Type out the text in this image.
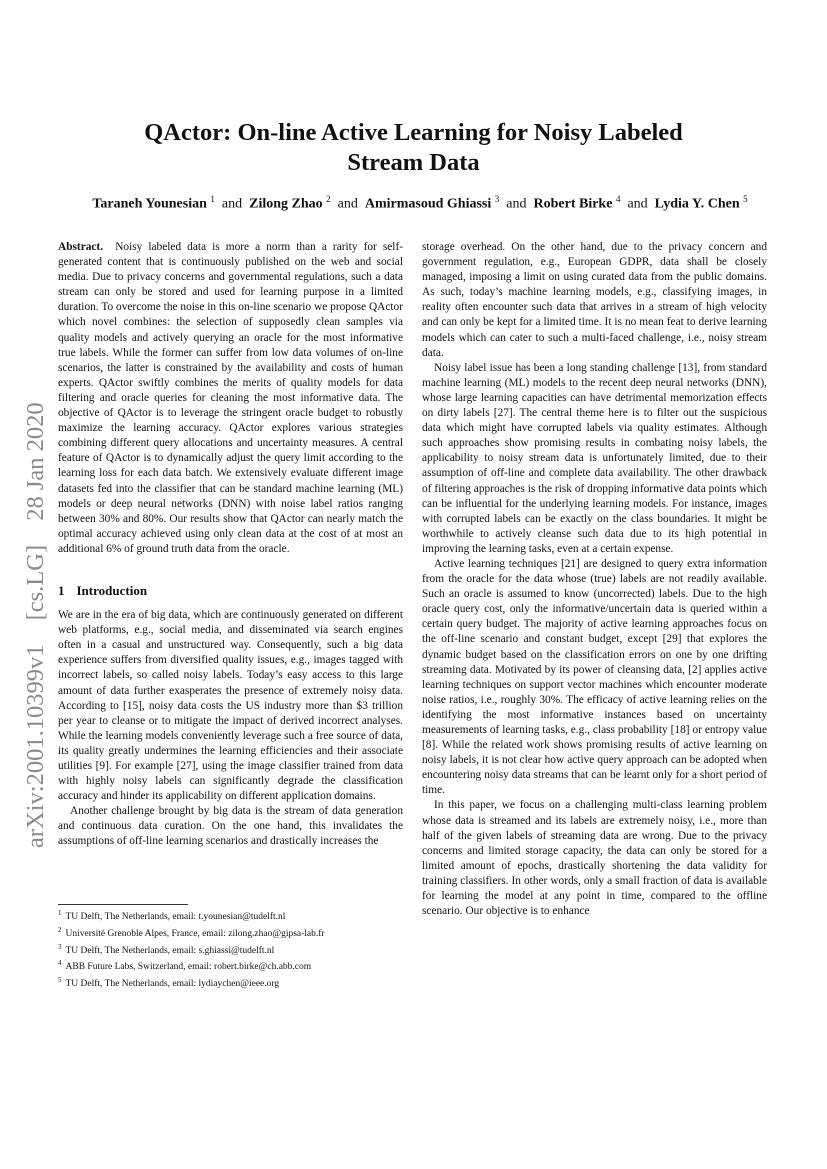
QActor: On-line Active Learning for Noisy Labeled
Stream Data
Taraneh Younesian $^1$ and Zilong Zhao $^2$ and Amirmasoud Ghiassi $^3$ and Robert Birke $^4$ and Lydia Y. Chen $^5$
arXiv:2001.10399v1 [cs.LG] 28 Jan 2020

Abstract. Noisy labeled data is more a norm than a rarity for self-generated content that is continuously published on the web and social media. Due to privacy concerns and governmental regulations, such a data stream can only be stored and used for learning purpose in a limited duration. To overcome the noise in this on-line scenario we propose QActor which novel combines: the selection of supposedly clean samples via quality models and actively querying an oracle for the most informative true labels. While the former can suffer from low data volumes of on-line scenarios, the latter is constrained by the availability and costs of human experts. QActor swiftly combines the merits of quality models for data filtering and oracle queries for cleaning the most informative data. The objective of QActor is to leverage the stringent oracle budget to robustly maximize the learning accuracy. QActor explores various strategies combining different query allocations and uncertainty measures. A central feature of QActor is to dynamically adjust the query limit according to the learning loss for each data batch. We extensively evaluate different image datasets fed into the classifier that can be standard machine learning (ML) models or deep neural networks (DNN) with noise label ratios ranging between 30% and 80%. Our results show that QActor can nearly match the optimal accuracy achieved using only clean data at the cost of at most an additional 6% of ground truth data from the oracle.

1 Introduction

We are in the era of big data, which are continuously generated on different web platforms, e.g., social media, and disseminated via search engines often in a casual and unstructured way. Consequently, such a big data experience suffers from diversified quality issues, e.g., images tagged with incorrect labels, so called noisy labels. Today’s easy access to this large amount of data further exasperates the presence of extremely noisy data. According to [15], noisy data costs the US industry more than $3 trillion per year to cleanse or to mitigate the impact of derived incorrect analyses. While the learning models conveniently leverage such a free source of data, its quality greatly undermines the learning efficiencies and their associate utilities [9]. For example [27], using the image classifier trained from data with highly noisy labels can significantly degrade the classification accuracy and hinder its applicability on different application domains.

Another challenge brought by big data is the stream of data generation and continuous data curation. On the one hand, this invalidates the assumptions of off-line learning scenarios and drastically increases the

$^1$ TU Delft, The Netherlands, email: t.younesian@tudelft.nl
$^2$ Université Grenoble Alpes, France, email: zilong.zhao@gipsa-lab.fr
$^3$ TU Delft, The Netherlands, email: s.ghiassi@tudelft.nl
$^4$ ABB Future Labs, Switzerland, email: robert.birke@ch.abb.com
$^5$ TU Delft, The Netherlands, email: lydiaychen@ieee.org

storage overhead. On the other hand, due to the privacy concern and government regulation, e.g., European GDPR, data shall be closely managed, imposing a limit on using curated data from the public domains. As such, today’s machine learning models, e.g., classifying images, in reality often encounter such data that arrives in a stream of high velocity and can only be kept for a limited time. It is no mean feat to derive learning models which can cater to such a multi-faced challenge, i.e., noisy stream data.

Noisy label issue has been a long standing challenge [13], from standard machine learning (ML) models to the recent deep neural networks (DNN), whose large learning capacities can have detrimental memorization effects on dirty labels [27]. The central theme here is to filter out the suspicious data which might have corrupted labels via quality estimates. Although such approaches show promising results in combating noisy labels, the applicability to noisy stream data is unfortunately limited, due to their assumption of off-line and complete data availability. The other drawback of filtering approaches is the risk of dropping informative data points which can be influential for the underlying learning models. For instance, images with corrupted labels can be exactly on the class boundaries. It might be worthwhile to actively cleanse such data due to its high potential in improving the learning tasks, even at a certain expense.

Active learning techniques [21] are designed to query extra information from the oracle for the data whose (true) labels are not readily available. Such an oracle is assumed to know (uncorrected) labels. Due to the high oracle query cost, only the informative/uncertain data is queried within a certain query budget. The majority of active learning approaches focus on the off-line scenario and constant budget, except [29] that explores the dynamic budget based on the classification errors on one by one drifting streaming data. Motivated by its power of cleansing data, [2] applies active learning techniques on support vector machines which encounter moderate noise ratios, i.e., roughly 30%. The efficacy of active learning relies on the identifying the most informative instances based on uncertainty measurements of learning tasks, e.g., class probability [18] or entropy value [8]. While the related work shows promising results of active learning on noisy labels, it is not clear how active query approach can be adopted when encountering noisy data streams that can be learnt only for a short period of time.

In this paper, we focus on a challenging multi-class learning problem whose data is streamed and its labels are extremely noisy, i.e., more than half of the given labels of streaming data are wrong. Due to the privacy concerns and limited storage capacity, the data can only be stored for a limited amount of epochs, drastically shortening the data validity for training classifiers. In other words, only a small fraction of data is available for learning the model at any point in time, compared to the offline scenario. Our objective is to enhance
